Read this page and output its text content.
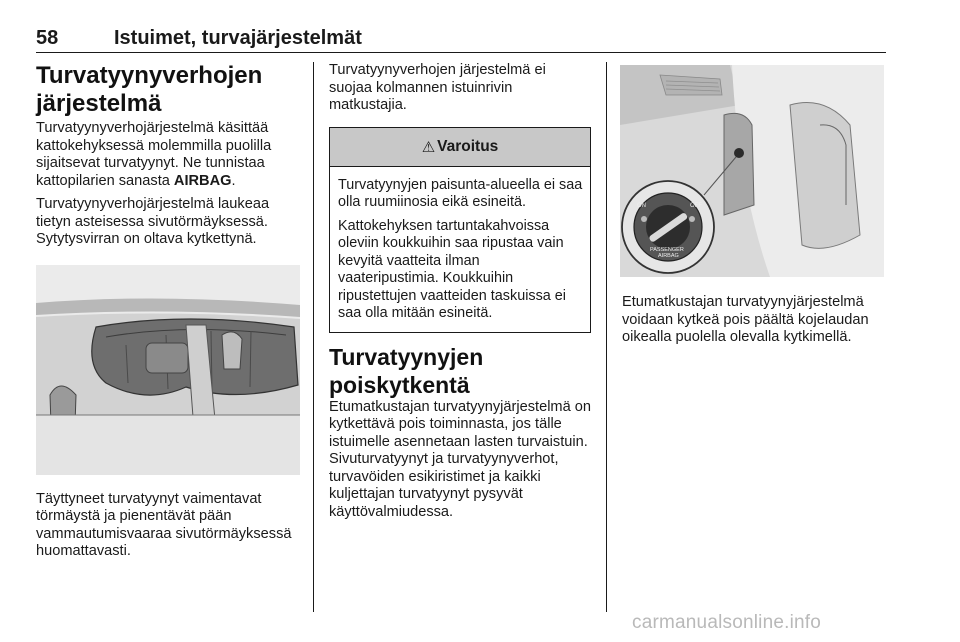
58	Istuimet, turvajärjestelmät
Turvatyynyverhojen järjestelmä

Turvatyynyverhojärjestelmä käsittää kattokehyksessä molemmilla puolilla sijaitsevat turvatyynyt. Ne tunnistaa kattopilarien sanasta AIRBAG.

Turvatyynyverhojärjestelmä laukeaa tietyn asteisessa sivutörmäyksessä. Sytytysvirran on oltava kytkettynä.

Täyttyneet turvatyynyt vaimentavat törmäystä ja pienentävät pään vammautumisvaaraa sivutörmäyksessä huomattavasti.

Turvatyynyverhojen järjestelmä ei suojaa kolmannen istuinrivin matkustajia.

⚠ Varoitus

Turvatyynyjen paisunta-alueella ei saa olla ruumiinosia eikä esineitä.

Kattokehyksen tartuntakahvoissa oleviin koukkuihin saa ripustaa vain kevyitä vaatteita ilman vaateripustimia. Koukkuihin ripustettujen vaatteiden taskuissa ei saa olla mitään esineitä.

Turvatyynyjen poiskytkentä

Etumatkustajan turvatyynyjärjestelmä on kytkettävä pois toiminnasta, jos tälle istuimelle asennetaan lasten turvaistuin. Sivuturvatyynyt ja turvatyynyverhot, turvavöiden esikiristimet ja kaikki kuljettajan turvatyynyt pysyvät käyttövalmiudessa.

ON	OFF
PASSENGER
AIRBAG

Etumatkustajan turvatyynyjärjestelmä voidaan kytkeä pois päältä kojelaudan oikealla puolella olevalla kytkimellä.

carmanualsonline.info
